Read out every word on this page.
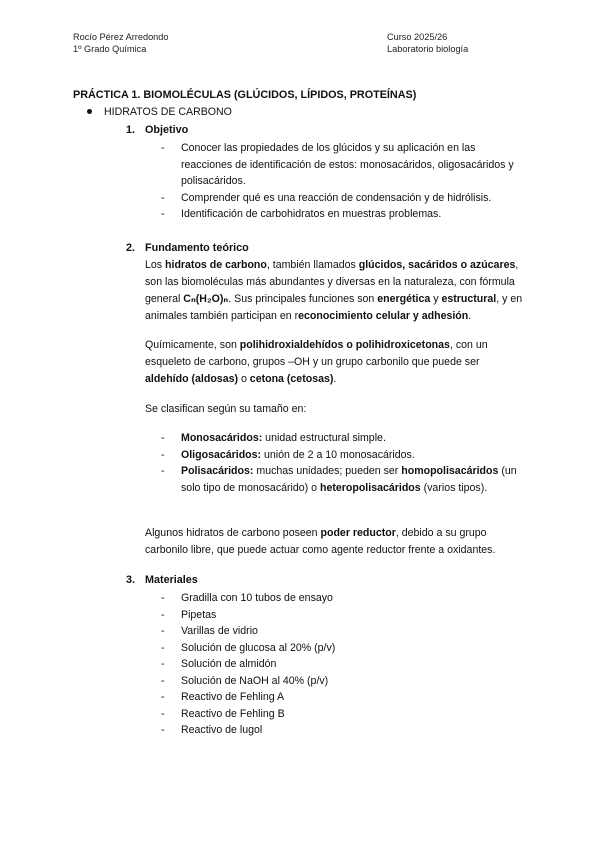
Rocío Pérez Arredondo
1º Grado Química
Curso 2025/26
Laboratorio biología
PRÁCTICA 1. BIOMOLÉCULAS (GLÚCIDOS, LÍPIDOS, PROTEÍNAS)
HIDRATOS DE CARBONO
1. Objetivo
- Conocer las propiedades de los glúcidos y su aplicación en las
reacciones de identificación de estos: monosacáridos, oligosacáridos y
polisacáridos.
- Comprender qué es una reacción de condensación y de hidrólisis.
- Identificación de carbohidratos en muestras problemas.
2. Fundamento teórico
Los hidratos de carbono, también llamados glúcidos, sacáridos o azúcares,
son las biomoléculas más abundantes y diversas en la naturaleza, con fórmula
general Cₙ(H₂O)ₙ. Sus principales funciones son energética y estructural, y en
animales también participan en reconocimiento celular y adhesión.
Químicamente, son polihidroxialdehídos o polihidroxicetonas, con un
esqueleto de carbono, grupos –OH y un grupo carbonilo que puede ser
aldehído (aldosas) o cetona (cetosas).
Se clasifican según su tamaño en:
- Monosacáridos: unidad estructural simple.
- Oligosacáridos: unión de 2 a 10 monosacáridos.
- Polisacáridos: muchas unidades; pueden ser homopolisacáridos (un
solo tipo de monosacárido) o heteropolisacáridos (varios tipos).
Algunos hidratos de carbono poseen poder reductor, debido a su grupo
carbonilo libre, que puede actuar como agente reductor frente a oxidantes.
3. Materiales
- Gradilla con 10 tubos de ensayo
- Pipetas
- Varillas de vidrio
- Solución de glucosa al 20% (p/v)
- Solución de almidón
- Solución de NaOH al 40% (p/v)
- Reactivo de Fehling A
- Reactivo de Fehling B
- Reactivo de lugol
